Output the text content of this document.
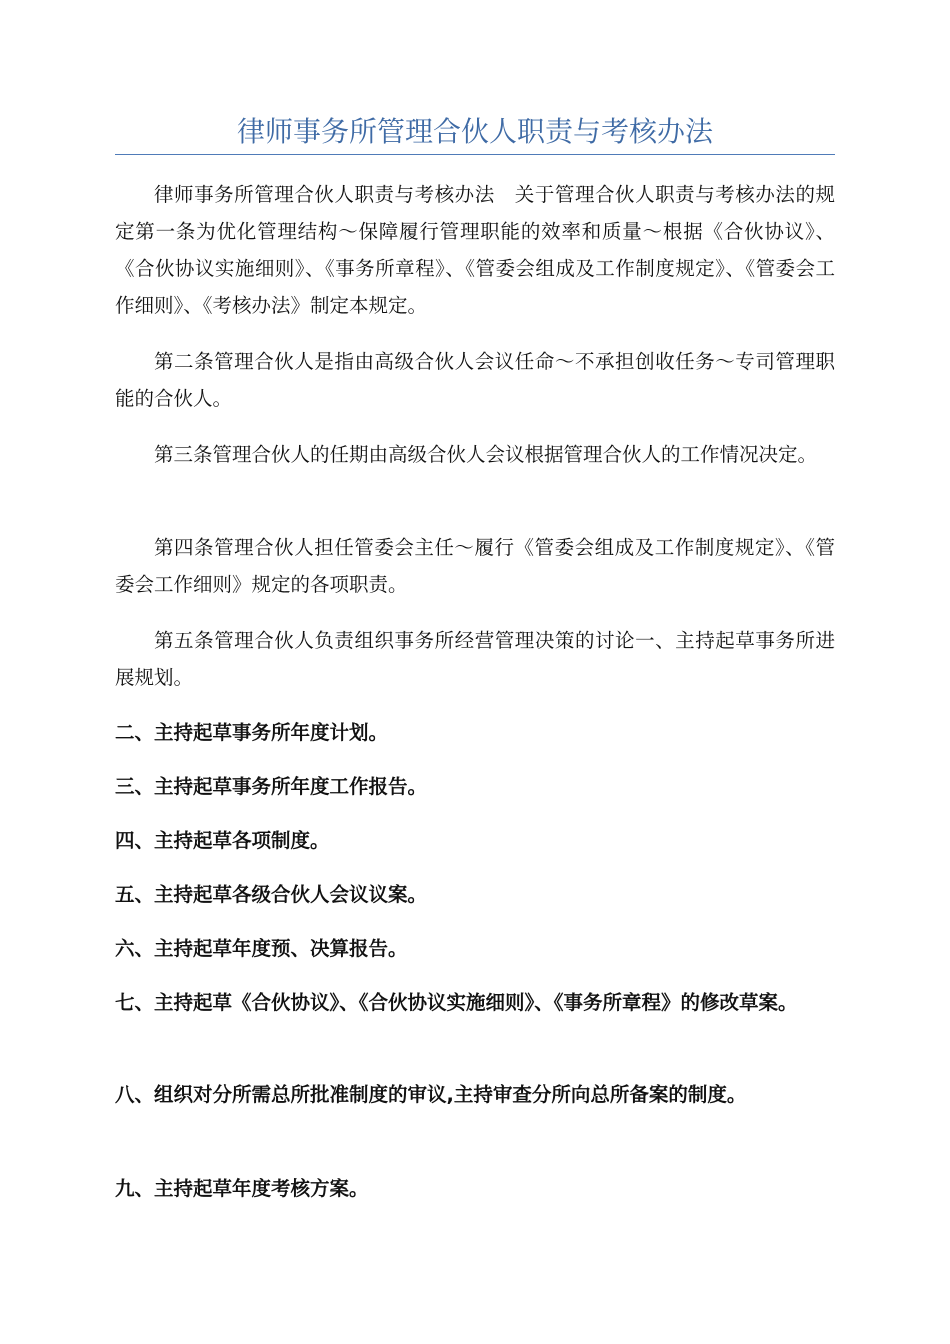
律师事务所管理合伙人职责与考核办法

律师事务所管理合伙人职责与考核办法　关于管理合伙人职责与考核办法的规定第一条为优化管理结构～保障履行管理职能的效率和质量～根据《合伙协议》、《合伙协议实施细则》、《事务所章程》、《管委会组成及工作制度规定》、《管委会工作细则》、《考核办法》制定本规定。

第二条管理合伙人是指由高级合伙人会议任命～不承担创收任务～专司管理职能的合伙人。

第三条管理合伙人的任期由高级合伙人会议根据管理合伙人的工作情况决定。

第四条管理合伙人担任管委会主任～履行《管委会组成及工作制度规定》、《管委会工作细则》规定的各项职责。

第五条管理合伙人负责组织事务所经营管理决策的讨论一、主持起草事务所进展规划。

二、主持起草事务所年度计划。

三、主持起草事务所年度工作报告。

四、主持起草各项制度。

五、主持起草各级合伙人会议议案。

六、主持起草年度预、决算报告。

七、主持起草《合伙协议》、《合伙协议实施细则》、《事务所章程》的修改草案。

八、组织对分所需总所批准制度的审议,主持审查分所向总所备案的制度。

九、主持起草年度考核方案。
